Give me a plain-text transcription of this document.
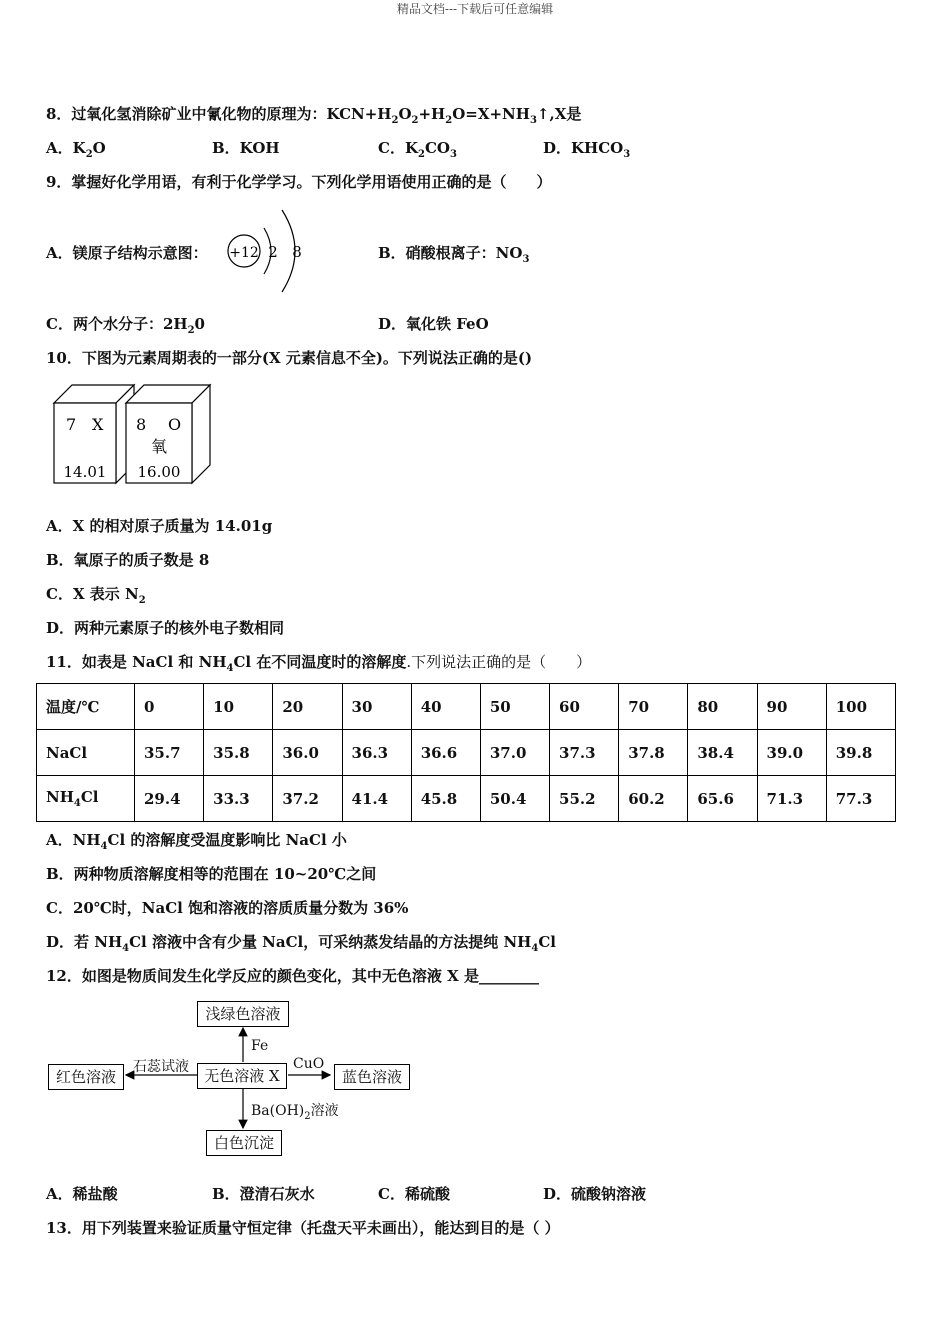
精品文档---下载后可任意编辑
8．过氧化氢消除矿业中氰化物的原理为：$KCN+H_2O_2+H_2O=X+NH_3↑,X$是
A．$K_2O$	B．KOH	C．$K_2CO_3$	D．$KHCO_3$
9．掌握好化学用语，有利于化学学习。下列化学用语使用正确的是（　　）
A．镁原子结构示意图： +12 2 8	B．硝酸根离子：$NO_3$
C．两个水分子：$2H_20$	D．氧化铁 FeO
10．下图为元素周期表的一部分(X 元素信息不全)。下列说法正确的是()
7 X
14.01
8 O
氧
16.00
A．X 的相对原子质量为 14.01g
B．氧原子的质子数是 8
C．X 表示 $N_2$
D．两种元素原子的核外电子数相同
11．如表是 NaCl 和 $NH_4Cl$ 在不同温度时的溶解度.下列说法正确的是（　　）
温度/℃	0	10	20	30	40	50	60	70	80	90	100
NaCl	35.7	35.8	36.0	36.3	36.6	37.0	37.3	37.8	38.4	39.0	39.8
$NH_4Cl$	29.4	33.3	37.2	41.4	45.8	50.4	55.2	60.2	65.6	71.3	77.3
A．$NH_4Cl$ 的溶解度受温度影响比 NaCl 小
B．两种物质溶解度相等的范围在 10~20℃之间
C．20℃时，NaCl 饱和溶液的溶质质量分数为 36%
D．若 $NH_4Cl$ 溶液中含有少量 NaCl，可采纳蒸发结晶的方法提纯 $NH_4Cl$
12．如图是物质间发生化学反应的颜色变化，其中无色溶液 X 是________
浅绿色溶液
红色溶液	无色溶液 X	蓝色溶液
白色沉淀
Fe
石蕊试液	CuO
$Ba(OH)_2$溶液
A．稀盐酸	B．澄清石灰水	C．稀硫酸	D．硫酸钠溶液
13．用下列装置来验证质量守恒定律（托盘天平未画出），能达到目的是（ ）
